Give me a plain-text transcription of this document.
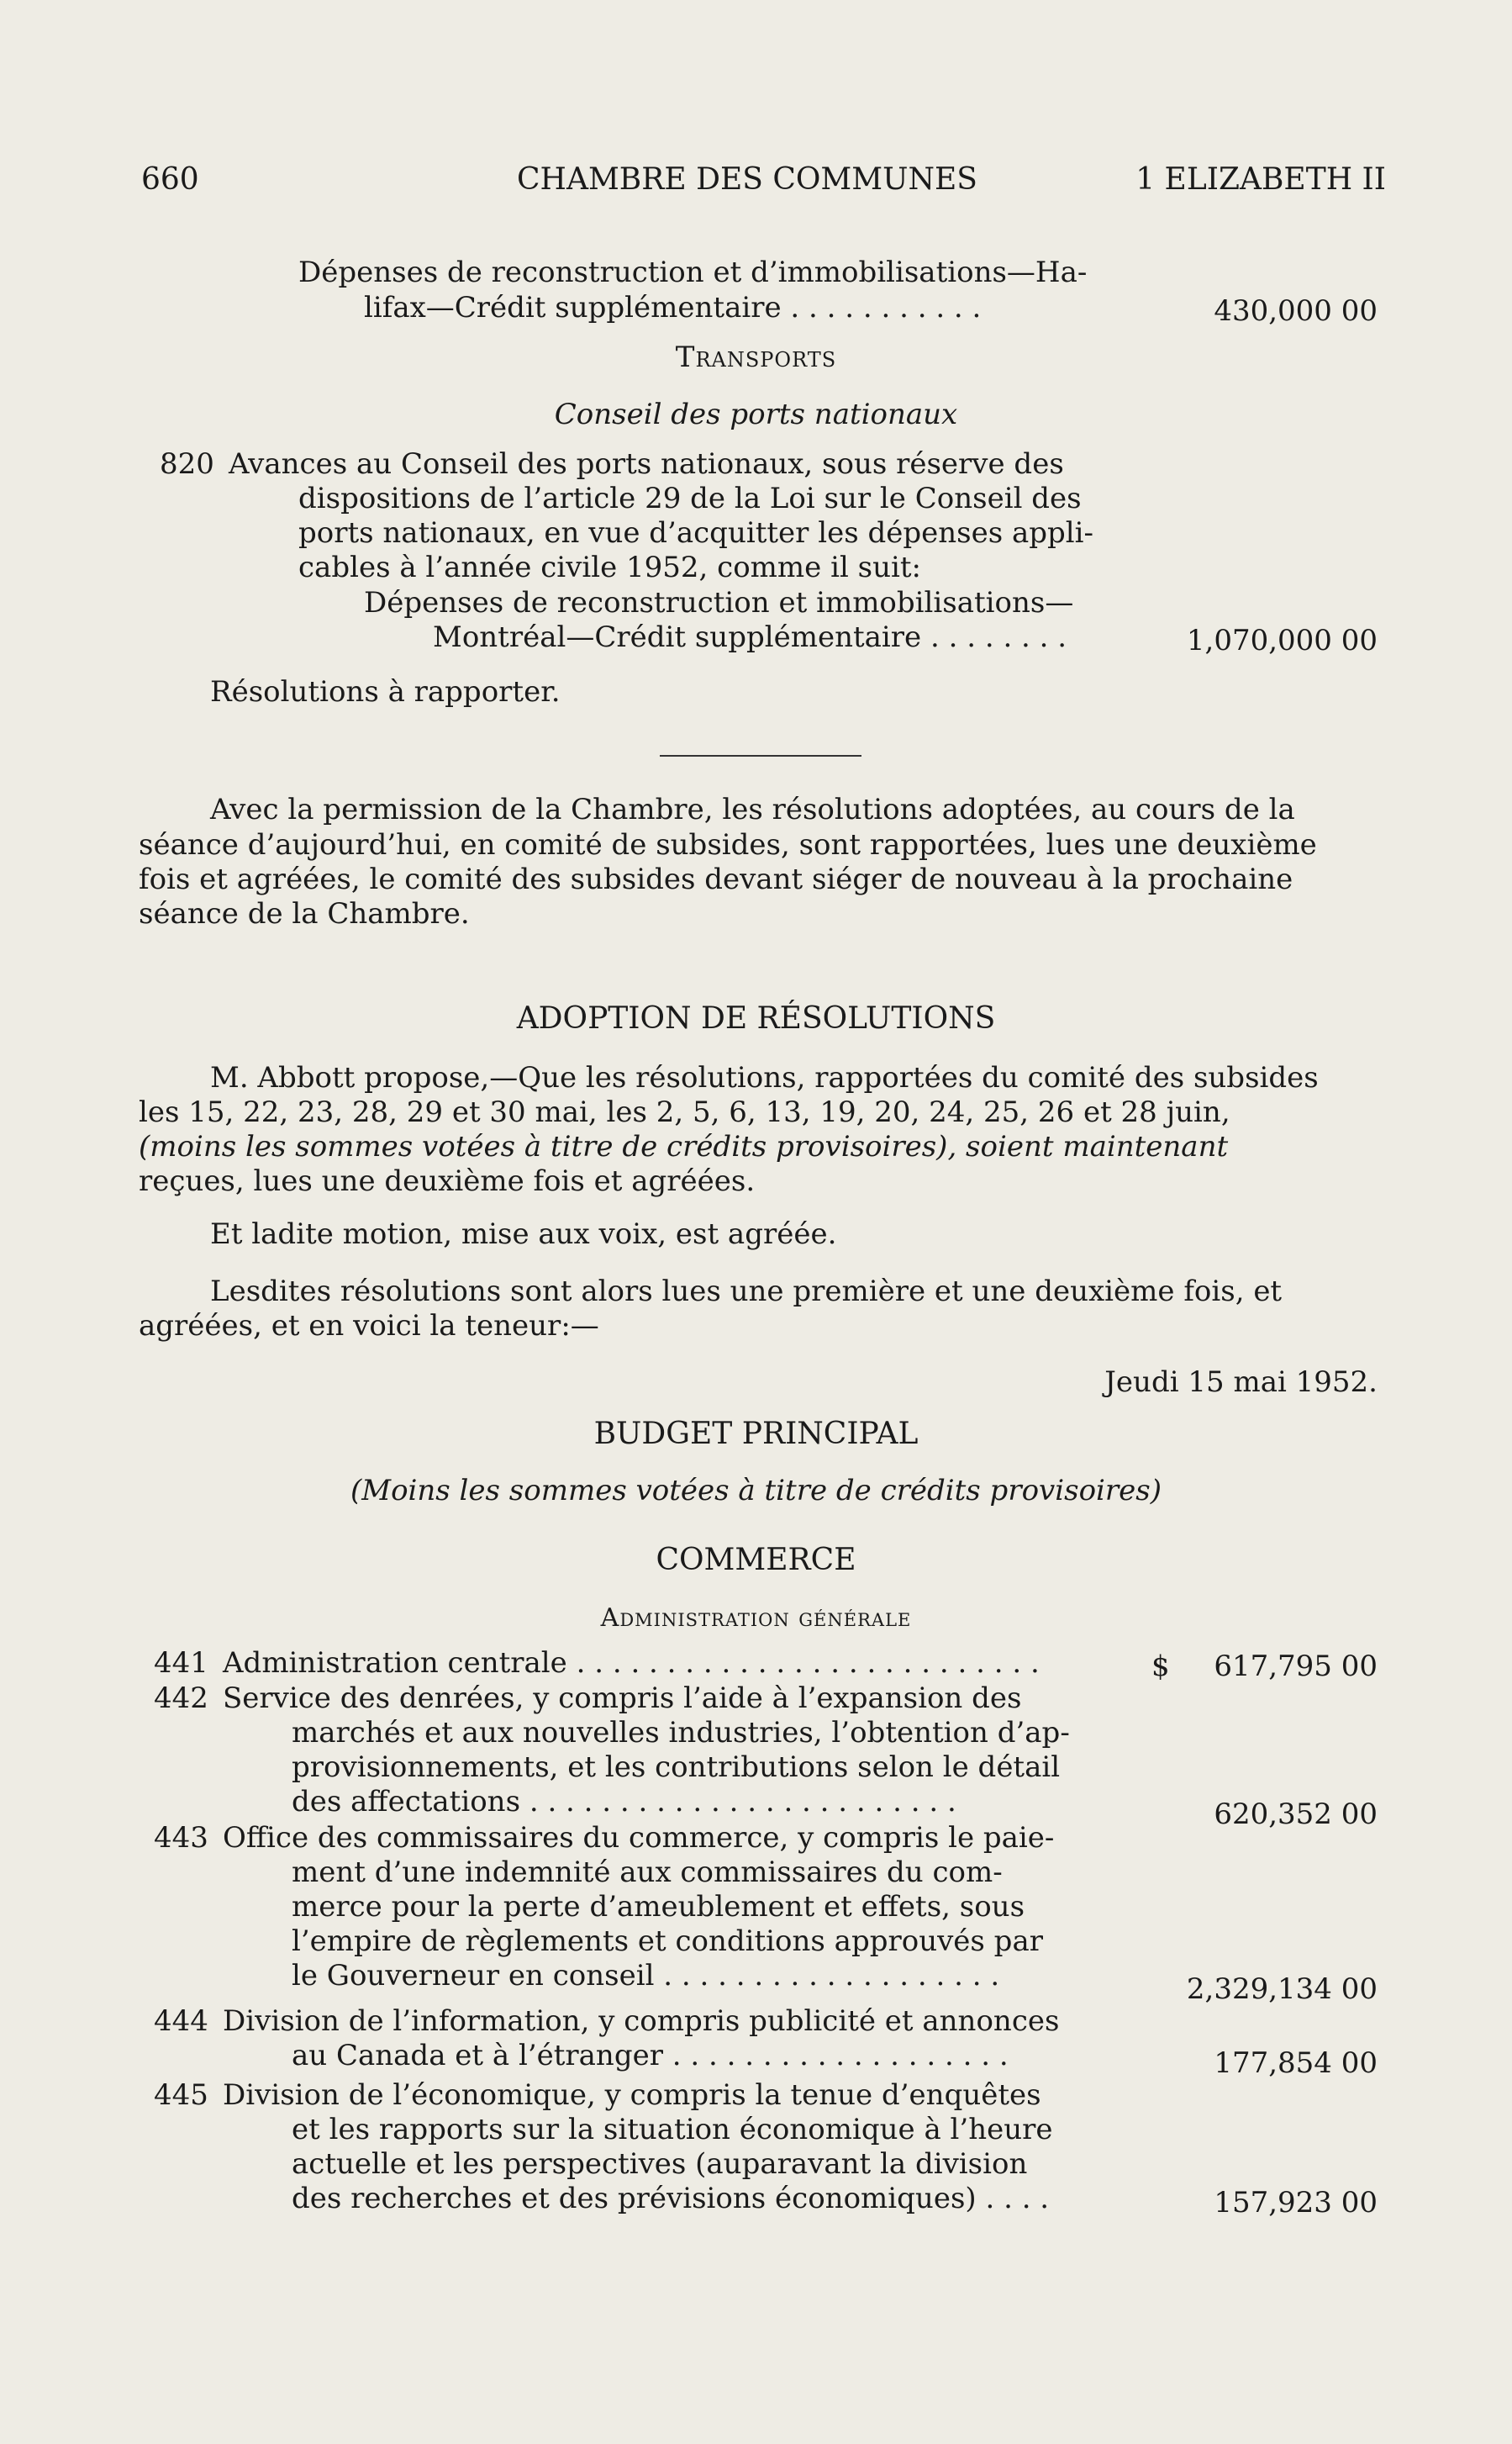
660	CHAMBRE DES COMMUNES	1 ELIZABETH II
Dépenses de reconstruction et d’immobilisations—Ha-
lifax—Crédit supplémentaire . . . . . . . . . . .	430,000 00
Transports
Conseil des ports nationaux
820 Avances au Conseil des ports nationaux, sous réserve des
dispositions de l’article 29 de la Loi sur le Conseil des
ports nationaux, en vue d’acquitter les dépenses appli-
cables à l’année civile 1952, comme il suit:
Dépenses de reconstruction et immobilisations—
Montréal—Crédit supplémentaire . . . . . . . .	1,070,000 00
Résolutions à rapporter.
Avec la permission de la Chambre, les résolutions adoptées, au cours de la
séance d’aujourd’hui, en comité de subsides, sont rapportées, lues une deuxième
fois et agréées, le comité des subsides devant siéger de nouveau à la prochaine
séance de la Chambre.
ADOPTION DE RÉSOLUTIONS
M. Abbott propose,—Que les résolutions, rapportées du comité des subsides
les 15, 22, 23, 28, 29 et 30 mai, les 2, 5, 6, 13, 19, 20, 24, 25, 26 et 28 juin,
(moins les sommes votées à titre de crédits provisoires), soient maintenant
reçues, lues une deuxième fois et agréées.
Et ladite motion, mise aux voix, est agréée.
Lesdites résolutions sont alors lues une première et une deuxième fois, et
agréées, et en voici la teneur:—
Jeudi 15 mai 1952.
BUDGET PRINCIPAL
(Moins les sommes votées à titre de crédits provisoires)
COMMERCE
Administration générale
441 Administration centrale . . . . . . . . . . . . . . . . . . . . . . . . . .	$ 617,795 00
442 Service des denrées, y compris l’aide à l’expansion des
marchés et aux nouvelles industries, l’obtention d’ap-
provisionnements, et les contributions selon le détail
des affectations . . . . . . . . . . . . . . . . . . . . . . . .	620,352 00
443 Office des commissaires du commerce, y compris le paie-
ment d’une indemnité aux commissaires du com-
merce pour la perte d’ameublement et effets, sous
l’empire de règlements et conditions approuvés par
le Gouverneur en conseil . . . . . . . . . . . . . . . . . . .	2,329,134 00
444 Division de l’information, y compris publicité et annonces
au Canada et à l’étranger . . . . . . . . . . . . . . . . . . .	177,854 00
445 Division de l’économique, y compris la tenue d’enquêtes
et les rapports sur la situation économique à l’heure
actuelle et les perspectives (auparavant la division
des recherches et des prévisions économiques) . . . .	157,923 00
